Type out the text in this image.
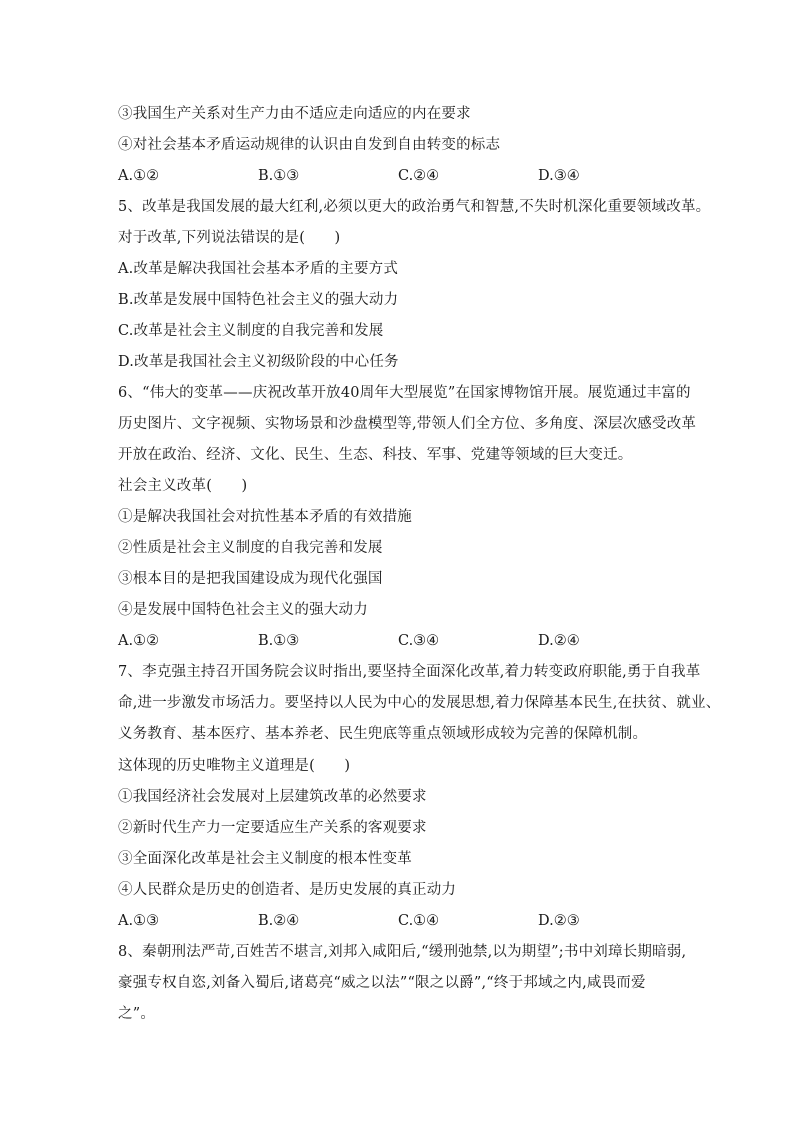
③我国生产关系对生产力由不适应走向适应的内在要求
④对社会基本矛盾运动规律的认识由自发到自由转变的标志
A.①②	B.①③	C.②④	D.③④
5、改革是我国发展的最大红利,必须以更大的政治勇气和智慧,不失时机深化重要领域改革。
对于改革,下列说法错误的是(　　)
A.改革是解决我国社会基本矛盾的主要方式
B.改革是发展中国特色社会主义的强大动力
C.改革是社会主义制度的自我完善和发展
D.改革是我国社会主义初级阶段的中心任务
6、“伟大的变革——庆祝改革开放40周年大型展览”在国家博物馆开展。展览通过丰富的
历史图片、文字视频、实物场景和沙盘模型等,带领人们全方位、多角度、深层次感受改革
开放在政治、经济、文化、民生、生态、科技、军事、党建等领域的巨大变迁。
社会主义改革(　　)
①是解决我国社会对抗性基本矛盾的有效措施
②性质是社会主义制度的自我完善和发展
③根本目的是把我国建设成为现代化强国
④是发展中国特色社会主义的强大动力
A.①②	B.①③	C.③④	D.②④
7、李克强主持召开国务院会议时指出,要坚持全面深化改革,着力转变政府职能,勇于自我革
命,进一步激发市场活力。要坚持以人民为中心的发展思想,着力保障基本民生,在扶贫、就业、
义务教育、基本医疗、基本养老、民生兜底等重点领域形成较为完善的保障机制。
这体现的历史唯物主义道理是(　　)
①我国经济社会发展对上层建筑改革的必然要求
②新时代生产力一定要适应生产关系的客观要求
③全面深化改革是社会主义制度的根本性变革
④人民群众是历史的创造者、是历史发展的真正动力
A.①③	B.②④	C.①④	D.②③
8、秦朝刑法严苛,百姓苦不堪言,刘邦入咸阳后,“缓刑弛禁,以为期望”;书中刘璋长期暗弱,
豪强专权自恣,刘备入蜀后,诸葛亮“威之以法”“限之以爵”,“终于邦域之内,咸畏而爱
之”。
